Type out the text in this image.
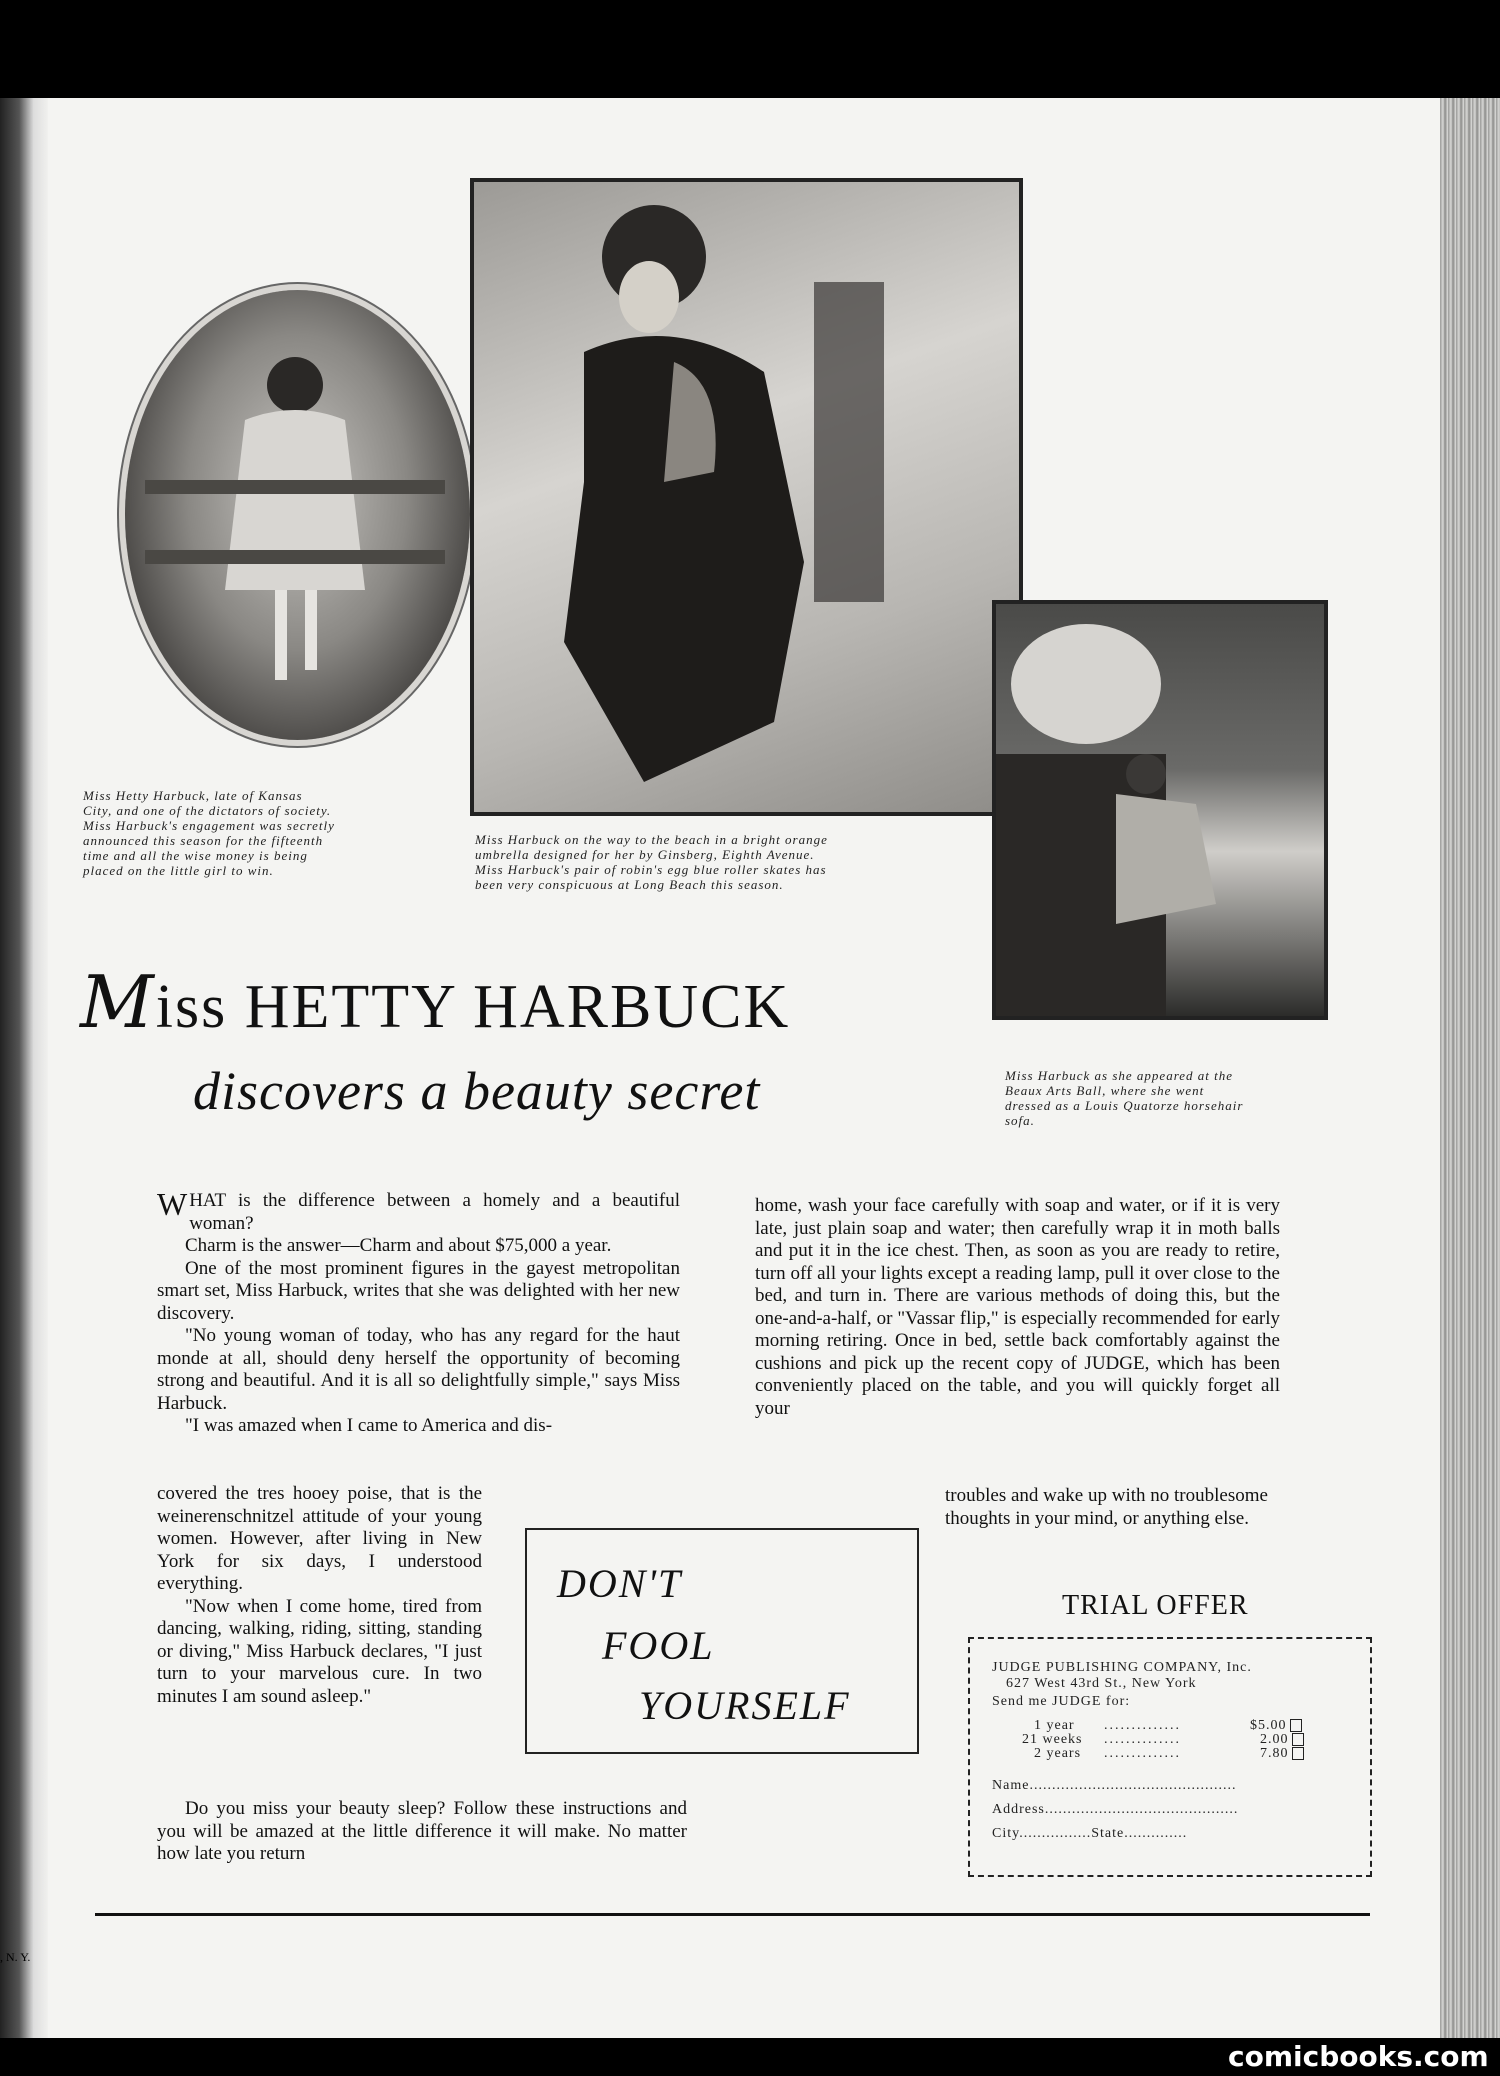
, N. Y.
Miss Hetty Harbuck, late of Kansas
City, and one of the dictators of society.
Miss Harbuck's engagement was secretly
announced this season for the fifteenth
time and all the wise money is being
placed on the little girl to win.
Miss Harbuck on the way to the beach in a bright orange
umbrella designed for her by Ginsberg, Eighth Avenue.
Miss Harbuck's pair of robin's egg blue roller skates has
been very conspicuous at Long Beach this season.
Miss Harbuck as she appeared at the
Beaux Arts Ball, where she went
dressed as a Louis Quatorze horsehair
sofa.
Miss HETTY HARBUCK
discovers a beauty secret

WHAT is the difference between a homely and a beautiful woman?

Charm is the answer—Charm and about $75,000 a year.

One of the most prominent figures in the gayest metropolitan smart set, Miss Harbuck, writes that she was delighted with her new discovery.

"No young woman of today, who has any regard for the haut monde at all, should deny herself the opportunity of becoming strong and beautiful. And it is all so delightfully simple," says Miss Harbuck.

"I was amazed when I came to America and dis-

covered the tres hooey poise, that is the weinerenschnitzel attitude of your young women. However, after living in New York for six days, I understood everything.

"Now when I come home, tired from dancing, walking, riding, sitting, standing or diving," Miss Harbuck declares, "I just turn to your marvelous cure. In two minutes I am sound asleep."

Do you miss your beauty sleep? Follow these instructions and you will be amazed at the little difference it will make. No matter how late you return

home, wash your face carefully with soap and water, or if it is very late, just plain soap and water; then carefully wrap it in moth balls and put it in the ice chest. Then, as soon as you are ready to retire, turn off all your lights except a reading lamp, pull it over close to the bed, and turn in. There are various methods of doing this, but the one-and-a-half, or "Vassar flip," is especially recommended for early morning retiring. Once in bed, settle back comfortably against the cushions and pick up the recent copy of JUDGE, which has been conveniently placed on the table, and you will quickly forget all your

troubles and wake up with no troublesome thoughts in your mind, or anything else.

DON'T
FOOL
YOURSELF
TRIAL OFFER
JUDGE PUBLISHING COMPANY, Inc.
627 West 43rd St., New York
Send me JUDGE for:
1 year ..............	$5.00
21 weeks ..............	2.00
2 years ..............	7.80
Name..............................................
Address...........................................
City................State..............
comicbooks.com
